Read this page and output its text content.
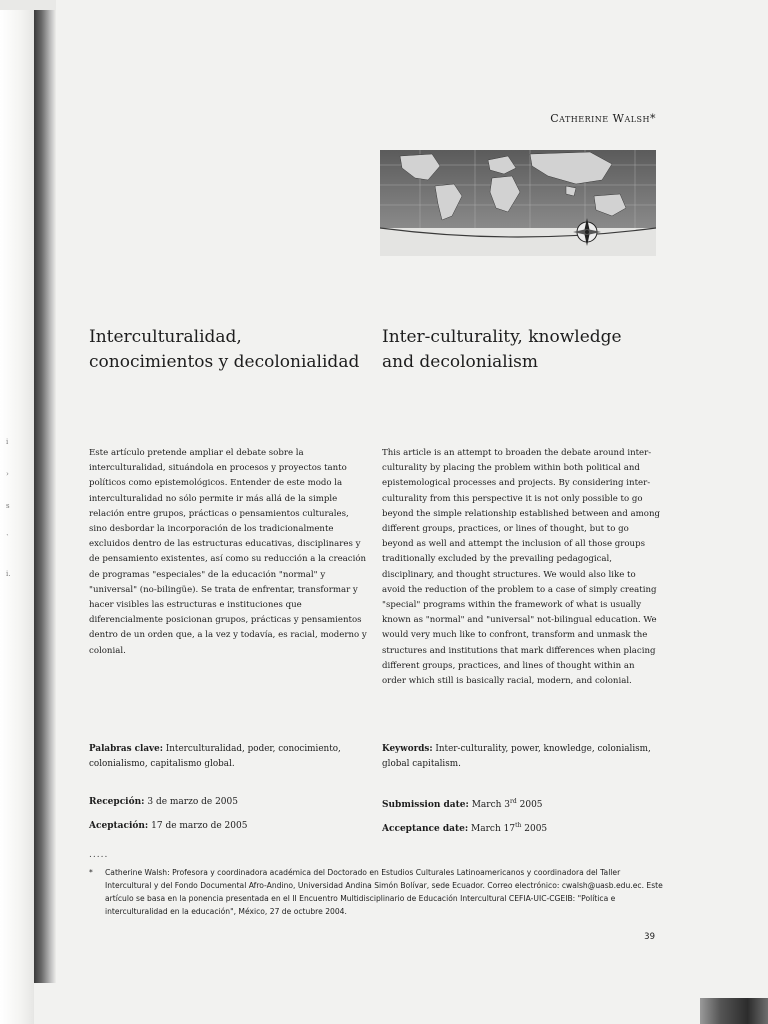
i
›
s
`
i.
Catherine Walsh*
Interculturalidad,
conocimientos y decolonialidad
Inter-culturality, knowledge
and decolonialism

Este artículo pretende ampliar el debate sobre la interculturalidad, situándola en procesos y proyectos tanto políticos como epistemológicos. Entender de este modo la interculturalidad no sólo permite ir más allá de la simple relación entre grupos, prácticas o pensamientos culturales, sino desbordar la incorporación de los tradicionalmente excluidos dentro de las estructuras educativas, disciplinares y de pensamiento existentes, así como su reducción a la creación de programas "especiales" de la educación "normal" y "universal" (no-bilingüe). Se trata de enfrentar, transformar y hacer visibles las estructuras e instituciones que diferencialmente posicionan grupos, prácticas y pensamientos dentro de un orden que, a la vez y todavía, es racial, moderno y colonial.

This article is an attempt to broaden the debate around inter-culturality by placing the problem within both political and epistemological processes and projects. By considering inter-culturality from this perspective it is not only possible to go beyond the simple relationship established between and among different groups, practices, or lines of thought, but to go beyond as well and attempt the inclusion of all those groups traditionally excluded by the prevailing pedagogical, disciplinary, and thought structures. We would also like to avoid the reduction of the problem to a case of simply creating "special" programs within the framework of what is usually known as "normal" and "universal" not-bilingual education. We would very much like to confront, transform and unmask the structures and institutions that mark differences when placing different groups, practices, and lines of thought within an order which still is basically racial, modern, and colonial.

Palabras clave: Interculturalidad, poder, conocimiento, colonialismo, capitalismo global.

Keywords: Inter-culturality, power, knowledge, colonialism, global capitalism.

Recepción: 3 de marzo de 2005

Aceptación: 17 de marzo de 2005

Submission date: March 3rd 2005

Acceptance date: March 17th 2005

.....

*	Catherine Walsh: Profesora y coordinadora académica del Doctorado en Estudios Culturales Latinoamericanos y coordinadora del Taller Intercultural y del Fondo Documental Afro-Andino, Universidad Andina Simón Bolívar, sede Ecuador. Correo electrónico: cwalsh@uasb.edu.ec. Este artículo se basa en la ponencia presentada en el II Encuentro Multidisciplinario de Educación Intercultural CEFIA-UIC-CGEIB: "Política e interculturalidad en la educación", México, 27 de octubre 2004.

39
